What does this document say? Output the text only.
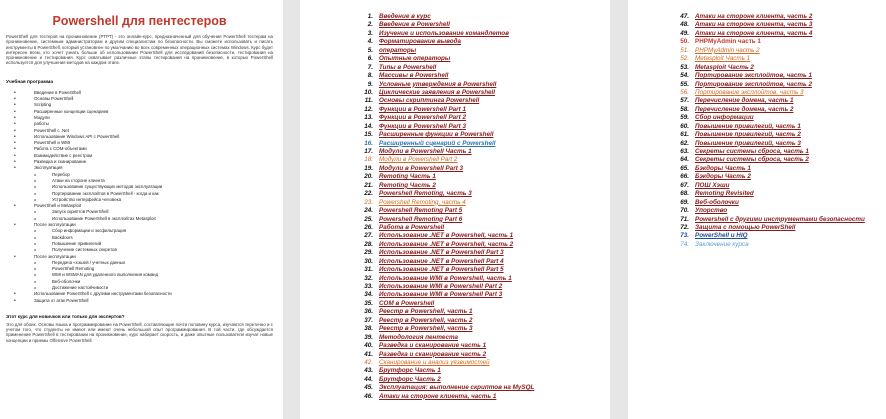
Powershell для пентестеров
PowerShell для тестеров на проникновение (PTPT) - это онлайн-курс, предназначенный для обучения PowerShell тестерам на проникновение, системным администраторам и другим специалистам по безопасности. Вы сможете использовать и писать инструменты в PowerShell, который установлен по умолчанию во всех современных операционных системах Windows. Курс будет интересен всем, кто хочет узнать больше об использовании PowerShell для исследований безопасности, тестирования на проникновение и тестирования. Курс охватывает различные этапы тестирования на проникновение, в которых PowerShell используется для улучшения методов на каждом этапе.
Учебная программа
• Введение в PowerShell
• Основы PowerShell
• Scripting
• Расширенные концепции сценариев
• Модули
• работы
• PowerShell с .Net
• Использование Windows API с PowerShell
• PowerShell и WMI
• Работа с COM-объектами
• Взаимодействие с реестром
• Разведка и сканирование
• Эксплуатация
o Перебор
o Атаки на стороне клиента
o Использование существующих методов эксплуатации
o Портирование эксплойтов в PowerShell - когда и как
o Устройство интерфейса человека
• PowerShell и Metasploit
o Запуск скриптов PowerShell
o Использование PowerShell в эксплойтах Metasploit
• После эксплуатации
o Сбор информации и эксфильтрация
o Backdoors
o Повышение привилегий
o Получение системных секретов
• После эксплуатации
o Передача «хэшей / учетных данных
o PowerShell Remoting
o WMI и WSMAN для удаленного выполнения команд
o Веб-оболочки
o Достижение настойчивости
• Использование PowerShell с другими инструментами безопасности
• Защита от атак PowerShell
Этот курс для новичков или только для экспертов?
Это для обоих. Основы языка и программирование на PowerShell, составляющие почти половину курса, изучаются теретично и с учетом того, что студенты не имеют или имеют очень небольшой опыт программирования. В той части, где обсуждается применение PowerShell в тестировании на проникновение, курс набирает скорость, и даже опытные пользователи изучат новые концепции и приемы Offensive PowerShell.
1. Введение в курс
2. Введение в Powershell
3. Изучение и использование командлетов
4. Форматирование вывода
5. операторы
6. Опытные операторы
7. Типы в Powershell
8. Массивы в Powershell
9. Условные утверждения в Powershell
10. Циклические заявления в Powershell
11. Основы скриптинга Powershell
12. Функции в Powershell Part 1
13. Функции в Powershell Part 2
14. Функции в Powershell Part 3
15. Расширенные функции в Powershell
16. Расширенный сценарий с Powershell
17. Модули в Powershell Часть 1
18. Модули в Powershell Part 2
19. Модули в Powershell Part 3
20. Remoting Часть 1
21. Remoting Часть 2
22. Powershell Remoting, часть 3
23. Powershell Remoting, часть 4
24. Powershell Remoting Part 5
25. Powershell Remoting Part 6
26. Работа в Powershell
27. Использование .NET в Powershell, часть 1
28. Использование .NET в Powershell, часть 2
29. Использование .NET в Powershell Part 3
30. Использование .NET в Powershell Part 4
31. Использование .NET в Powershell Part 5
32. Использование WMI в Powershell, часть 1
33. Использование WMI в Powershell Part 2
34. Использование WMI в Powershell Part 3
35. COM в Powershell
36. Реестр в Powershell, часть 1
37. Реестр в Powershell, часть 2
38. Реестр в Powershell, часть 3
39. Методология пентеста
40. Разведка и сканирование часть 1
41. Разведка и сканирование часть 2
42. Сканирование и анализ уязвимостей
43. Брутфорс Часть 1
44. Брутфорс Часть 2
45. Эксплуатация: выполнение скриптов на MySQL
46. Атаки на стороне клиента, часть 1
47. Атаки на стороне клиента, часть 2
48. Атаки на стороне клиента, часть 3
49. Атаки на стороне клиента, часть 4
50. PHPMyAdmin часть 1
51. PHPMyAdmin часть 2
52. Metasploit Часть 1
53. Metasploit Часть 2
54. Портирование эксплойтов, часть 1
55. Портирование эксплойтов, часть 2
56. Портирование эксплойтов, часть 3
57. Перечисление домена, часть 1
58. Перечисление домена, часть 2
59. Сбор информации
60. Повышение привилегий, часть 1
61. Повышение привилегий, часть 2
62. Повышение привилегий, часть 3
63. Секреты системы сброса, часть 1
64. Секреты системы сброса, часть 2
65. Бэкдоры Часть 1
66. Бэкдоры Часть 2
67. ПОШ Хэши
68. Remoting Revisited
69. Веб-оболочки
70. Упорство
71. Powershell с другими инструментами безопасности
72. Защита с помощью PowerShell
73. PowerShell и HIQ
74. Заключение курса
